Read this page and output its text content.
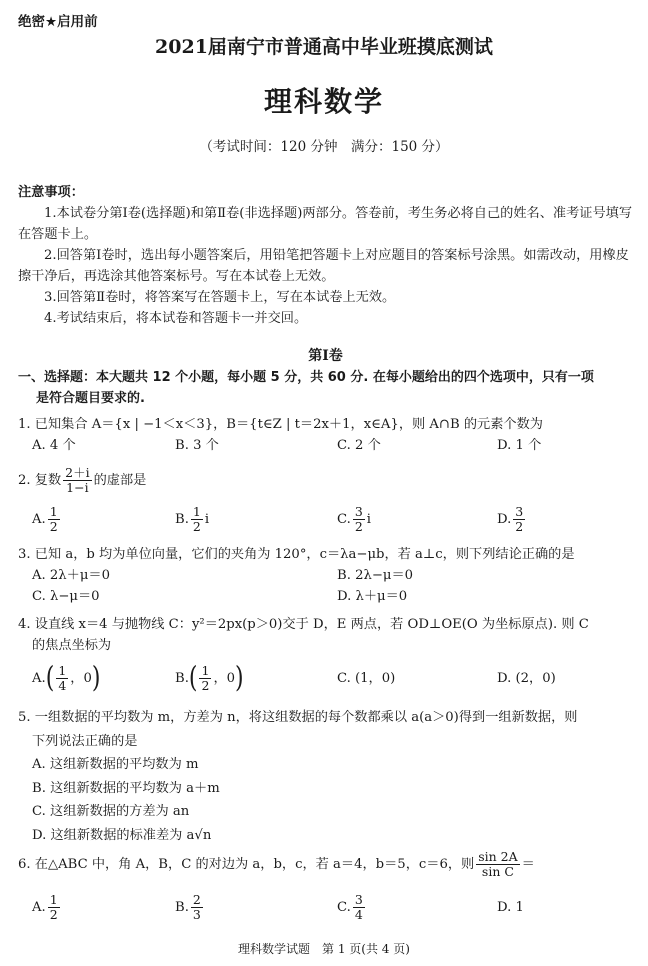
绝密★启用前
2021届南宁市普通高中毕业班摸底测试
理科数学
（考试时间：120 分钟　满分：150 分）
注意事项：
1.本试卷分第Ⅰ卷(选择题)和第Ⅱ卷(非选择题)两部分。答卷前，考生务必将自己的姓名、准考证号填写在答题卡上。
2.回答第Ⅰ卷时，选出每小题答案后，用铅笔把答题卡上对应题目的答案标号涂黑。如需改动，用橡皮擦干净后，再选涂其他答案标号。写在本试卷上无效。
3.回答第Ⅱ卷时，将答案写在答题卡上，写在本试卷上无效。
4.考试结束后，将本试卷和答题卡一并交回。
第Ⅰ卷
一、选择题：本大题共 12 个小题，每小题 5 分，共 60 分. 在每小题给出的四个选项中，只有一项
是符合题目要求的.
1. 已知集合 A＝{x | −1＜x＜3}，B＝{t∈Z | t＝2x＋1，x∈A}，则 A∩B 的元素个数为
A. 4 个	B. 3 个	C. 2 个	D. 1 个
2. 复数 $\frac{2+i}{1-i}$ 的虚部是
A. $\frac{1}{2}$	B. $\frac{1}{2}$ i	C. $\frac{3}{2}$ i	D. $\frac{3}{2}$
3. 已知 a，b 均为单位向量，它们的夹角为 120°，c＝λa−μb，若 a⊥c，则下列结论正确的是
A. 2λ＋μ＝0	B. 2λ−μ＝0
C. λ−μ＝0	D. λ＋μ＝0
4. 设直线 x＝4 与抛物线 C：y²＝2px(p＞0)交于 D，E 两点，若 OD⊥OE(O 为坐标原点). 则 C
的焦点坐标为
A. ( $\frac{1}{4}$ ，0 )	B. ( $\frac{1}{2}$ ，0 )	C. (1，0)	D. (2，0)
5. 一组数据的平均数为 m，方差为 n，将这组数据的每个数都乘以 a(a＞0)得到一组新数据，则
下列说法正确的是
A. 这组新数据的平均数为 m
B. 这组新数据的平均数为 a＋m
C. 这组新数据的方差为 an
D. 这组新数据的标准差为 a√n
6. 在△ABC 中，角 A，B，C 的对边为 a，b，c，若 a＝4，b＝5，c＝6，则 $\frac{\sin 2A}{\text{sin C}}$ ＝
A. $\frac{1}{2}$	B. $\frac{2}{3}$	C. $\frac{3}{4}$	D. 1
理科数学试题　第 1 页(共 4 页)
